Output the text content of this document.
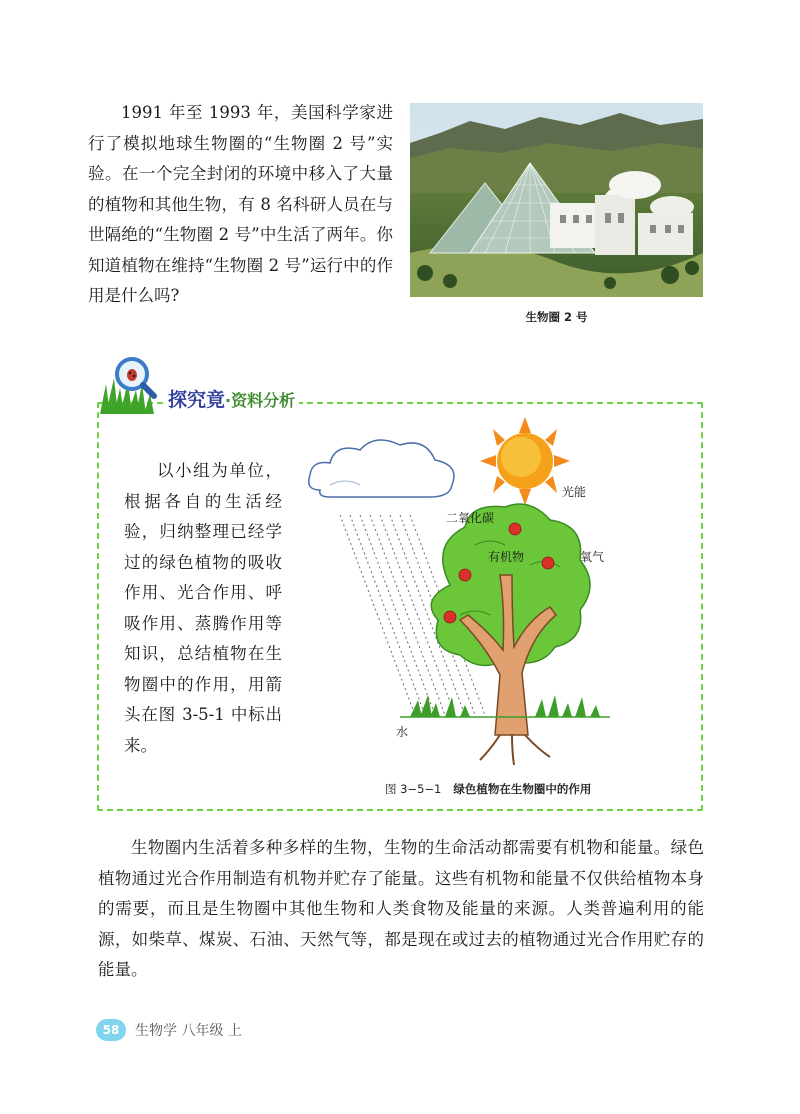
1991 年至 1993 年，美国科学家进行了模拟地球生物圈的“生物圈 2 号”实验。在一个完全封闭的环境中移入了大量的植物和其他生物，有 8 名科研人员在与世隔绝的“生物圈 2 号”中生活了两年。你知道植物在维持“生物圈 2 号”运行中的作用是什么吗?

生物圈 2 号
探究竟·资料分析

以小组为单位，根据各自的生活经验，归纳整理已经学过的绿色植物的吸收作用、光合作用、呼吸作用、蒸腾作用等知识，总结植物在生物圈中的作用，用箭头在图 3-5-1 中标出来。

光能
二氧化碳
有机物	氧气
水
图 3−5−1 绿色植物在生物圈中的作用

生物圈内生活着多种多样的生物，生物的生命活动都需要有机物和能量。绿色植物通过光合作用制造有机物并贮存了能量。这些有机物和能量不仅供给植物本身的需要，而且是生物圈中其他生物和人类食物及能量的来源。人类普遍利用的能源，如柴草、煤炭、石油、天然气等，都是现在或过去的植物通过光合作用贮存的能量。

58	生物学 八年级 上
